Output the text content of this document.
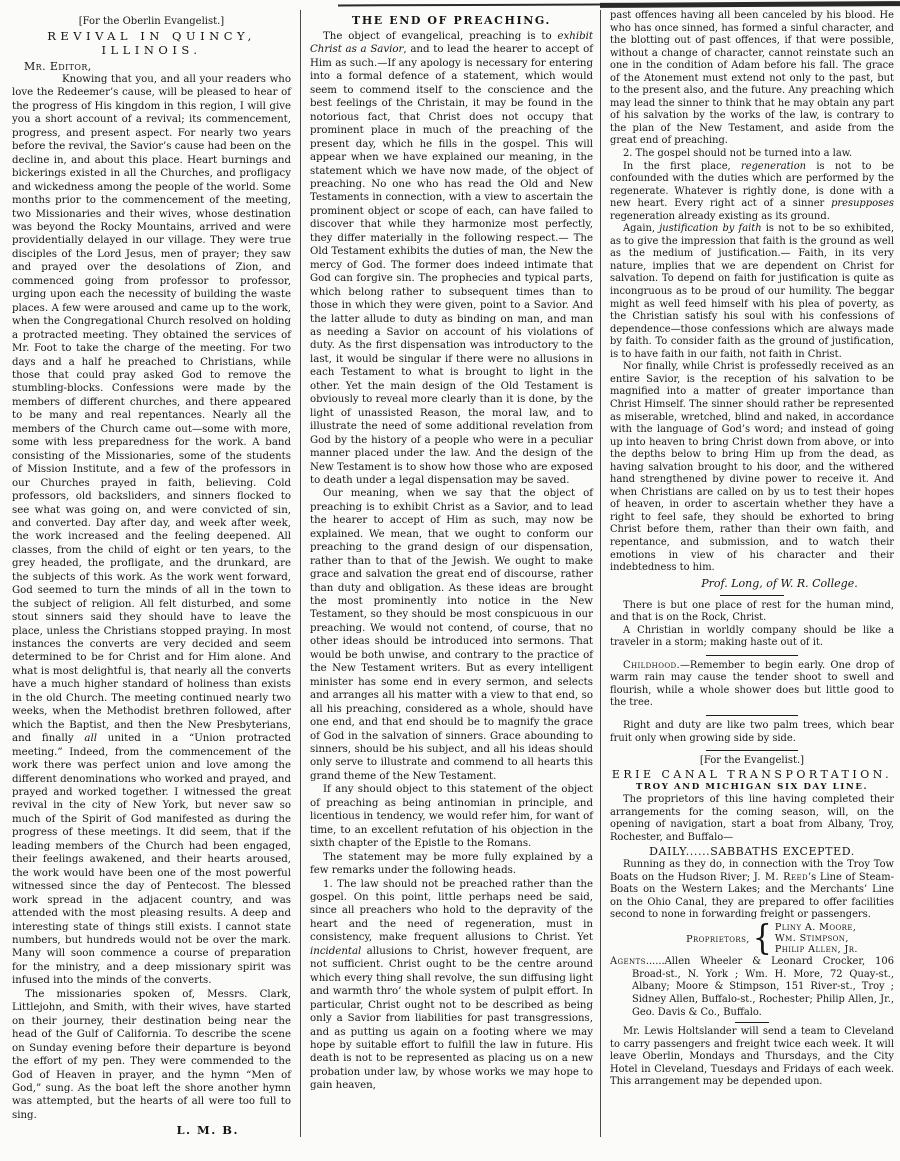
[For the Oberlin Evangelist.]
REVIVAL IN QUINCY, ILLINOIS.
Mr. Editor,

Knowing that you, and all your readers who love the Redeemer’s cause, will be pleased to hear of the progress of His kingdom in this region, I will give you a short account of a revival; its commencement, progress, and present aspect. For nearly two years before the revival, the Savior’s cause had been on the decline in, and about this place. Heart burnings and bickerings existed in all the Churches, and profligacy and wickedness among the people of the world. Some months prior to the commencement of the meeting, two Missionaries and their wives, whose destination was beyond the Rocky Mountains, arrived and were providentially delayed in our village. They were true disciples of the Lord Jesus, men of prayer; they saw and prayed over the desolations of Zion, and commenced going from professor to professor, urging upon each the necessity of building the waste places. A few were aroused and came up to the work, when the Congregational Church resolved on holding a protracted meeting. They obtained the services of Mr. Foot to take the charge of the meeting. For two days and a half he preached to Christians, while those that could pray asked God to remove the stumbling-blocks. Confessions were made by the members of different churches, and there appeared to be many and real repentances. Nearly all the members of the Church came out—some with more, some with less preparedness for the work. A band consisting of the Missionaries, some of the students of Mission Institute, and a few of the professors in our Churches prayed in faith, believing. Cold professors, old backsliders, and sinners flocked to see what was going on, and were convicted of sin, and converted. Day after day, and week after week, the work increased and the feeling deepened. All classes, from the child of eight or ten years, to the grey headed, the profligate, and the drunkard, are the subjects of this work. As the work went forward, God seemed to turn the minds of all in the town to the subject of religion. All felt disturbed, and some stout sinners said they should have to leave the place, unless the Christians stopped praying. In most instances the converts are very decided and seem determined to be for Christ and for Him alone. And what is most delightful is, that nearly all the converts have a much higher standard of holiness than exists in the old Church. The meeting continued nearly two weeks, when the Methodist brethren followed, after which the Baptist, and then the New Presbyterians, and finally all united in a “Union protracted meeting.” Indeed, from the commencement of the work there was perfect union and love among the different denominations who worked and prayed, and prayed and worked together. I witnessed the great revival in the city of New York, but never saw so much of the Spirit of God manifested as during the progress of these meetings. It did seem, that if the leading members of the Church had been engaged, their feelings awakened, and their hearts aroused, the work would have been one of the most powerful witnessed since the day of Pentecost. The blessed work spread in the adjacent country, and was attended with the most pleasing results. A deep and interesting state of things still exists. I cannot state numbers, but hundreds would not be over the mark. Many will soon commence a course of preparation for the ministry, and a deep missionary spirit was infused into the minds of the converts.

The missionaries spoken of, Messrs. Clark, Littlejohn, and Smith, with their wives, have started on their journey, their destination being near the head of the Gulf of California. To describe the scene on Sunday evening before their departure is beyond the effort of my pen. They were commended to the God of Heaven in prayer, and the hymn “Men of God,” sung. As the boat left the shore another hymn was attempted, but the hearts of all were too full to sing.

L. M. B.
THE END OF PREACHING.

The object of evangelical, preaching is to exhibit Christ as a Savior, and to lead the hearer to accept of Him as such.—If any apology is necessary for entering into a formal defence of a statement, which would seem to commend itself to the conscience and the best feelings of the Christain, it may be found in the notorious fact, that Christ does not occupy that prominent place in much of the preaching of the present day, which he fills in the gospel. This will appear when we have explained our meaning, in the statement which we have now made, of the object of preaching. No one who has read the Old and New Testaments in connection, with a view to ascertain the prominent object or scope of each, can have failed to discover that while they harmonize most perfectly, they differ materially in the following respect.— The Old Testament exhibits the duties of man, the New the mercy of God. The former does indeed intimate that God can forgive sin. The prophecies and typical parts, which belong rather to subsequent times than to those in which they were given, point to a Savior. And the latter allude to duty as binding on man, and man as needing a Savior on account of his violations of duty. As the first dispensation was introductory to the last, it would be singular if there were no allusions in each Testament to what is brought to light in the other. Yet the main design of the Old Testament is obviously to reveal more clearly than it is done, by the light of unassisted Reason, the moral law, and to illustrate the need of some additional revelation from God by the history of a people who were in a peculiar manner placed under the law. And the design of the New Testament is to show how those who are exposed to death under a legal dispensation may be saved.

Our meaning, when we say that the object of preaching is to exhibit Christ as a Savior, and to lead the hearer to accept of Him as such, may now be explained. We mean, that we ought to conform our preaching to the grand design of our dispensation, rather than to that of the Jewish. We ought to make grace and salvation the great end of discourse, rather than duty and obligation. As these ideas are brought the most prominently into notice in the New Testament, so they should be most conspicuous in our preaching. We would not contend, of course, that no other ideas should be introduced into sermons. That would be both unwise, and contrary to the practice of the New Testament writers. But as every intelligent minister has some end in every sermon, and selects and arranges all his matter with a view to that end, so all his preaching, considered as a whole, should have one end, and that end should be to magnify the grace of God in the salvation of sinners. Grace abounding to sinners, should be his subject, and all his ideas should only serve to illustrate and commend to all hearts this grand theme of the New Testament.

If any should object to this statement of the object of preaching as being antinomian in principle, and licentious in tendency, we would refer him, for want of time, to an excellent refutation of his objection in the sixth chapter of the Epistle to the Romans.

The statement may be more fully explained by a few remarks under the following heads.

1. The law should not be preached rather than the gospel. On this point, little perhaps need be said, since all preachers who hold to the depravity of the heart and the need of regeneration, must in consistency, make frequent allusions to Christ. Yet incidental allusions to Christ, however frequent, are not sufficient. Christ ought to be the centre around which every thing shall revolve, the sun diffusing light and warmth thro’ the whole system of pulpit effort. In particular, Christ ought not to be described as being only a Savior from liabilities for past transgressions, and as putting us again on a footing where we may hope by suitable effort to fulfill the law in future. His death is not to be represented as placing us on a new probation under law, by whose works we may hope to gain heaven,

past offences having all been canceled by his blood. He who has once sinned, has formed a sinful character, and the blotting out of past offences, if that were possible, without a change of character, cannot reinstate such an one in the condition of Adam before his fall. The grace of the Atonement must extend not only to the past, but to the present also, and the future. Any preaching which may lead the sinner to think that he may obtain any part of his salvation by the works of the law, is contrary to the plan of the New Testament, and aside from the great end of preaching.

2. The gospel should not be turned into a law.

In the first place, regeneration is not to be confounded with the duties which are performed by the regenerate. Whatever is rightly done, is done with a new heart. Every right act of a sinner presupposes regeneration already existing as its ground.

Again, justification by faith is not to be so exhibited, as to give the impression that faith is the ground as well as the medium of justification.— Faith, in its very nature, implies that we are dependent on Christ for salvation. To depend on faith for justification is quite as incongruous as to be proud of our humility. The beggar might as well feed himself with his plea of poverty, as the Christian satisfy his soul with his confessions of dependence—those confessions which are always made by faith. To consider faith as the ground of justification, is to have faith in our faith, not faith in Christ.

Nor finally, while Christ is professedly received as an entire Savior, is the reception of his salvation to be magnified into a matter of greater importance than Christ Himself. The sinner should rather be represented as miserable, wretched, blind and naked, in accordance with the language of God’s word; and instead of going up into heaven to bring Christ down from above, or into the depths below to bring Him up from the dead, as having salvation brought to his door, and the withered hand strengthened by divine power to receive it. And when Christians are called on by us to test their hopes of heaven, in order to ascertain whether they have a right to feel safe, they should be exhorted to bring Christ before them, rather than their own faith, and repentance, and submission, and to watch their emotions in view of his character and their indebtedness to him.

Prof. Long, of W. R. College.

There is but one place of rest for the human mind, and that is on the Rock, Christ.

A Christian in worldly company should be like a traveler in a storm; making haste out of it.

Childhood.—Remember to begin early. One drop of warm rain may cause the tender shoot to swell and flourish, while a whole shower does but little good to the tree.

Right and duty are like two palm trees, which bear fruit only when growing side by side.

[For the Evangelist.]
ERIE CANAL TRANSPORTATION.
TROY AND MICHIGAN SIX DAY LINE.

The proprietors of this line having completed their arrangements for the coming season, will, on the opening of navigation, start a boat from Albany, Troy, Rochester, and Buffalo—

DAILY......SABBATHS EXCEPTED.

Running as they do, in connection with the Troy Tow Boats on the Hudson River; J. M. Reed’s Line of Steam-Boats on the Western Lakes; and the Merchants’ Line on the Ohio Canal, they are prepared to offer facilities second to none in forwarding freight or passengers.

Proprietors, { Pliny A. Moore,
Wm. Stimpson,
Philip Allen, Jr.

Agents......Allen Wheeler & Leonard Crocker, 106 Broad-st., N. York ; Wm. H. More, 72 Quay-st., Albany; Moore & Stimpson, 151 River-st., Troy ; Sidney Allen, Buffalo-st., Rochester; Philip Allen, Jr., Geo. Davis & Co., Buffalo.

Mr. Lewis Holtslander will send a team to Cleveland to carry passengers and freight twice each week. It will leave Oberlin, Mondays and Thursdays, and the City Hotel in Cleveland, Tuesdays and Fridays of each week. This arrangement may be depended upon.
